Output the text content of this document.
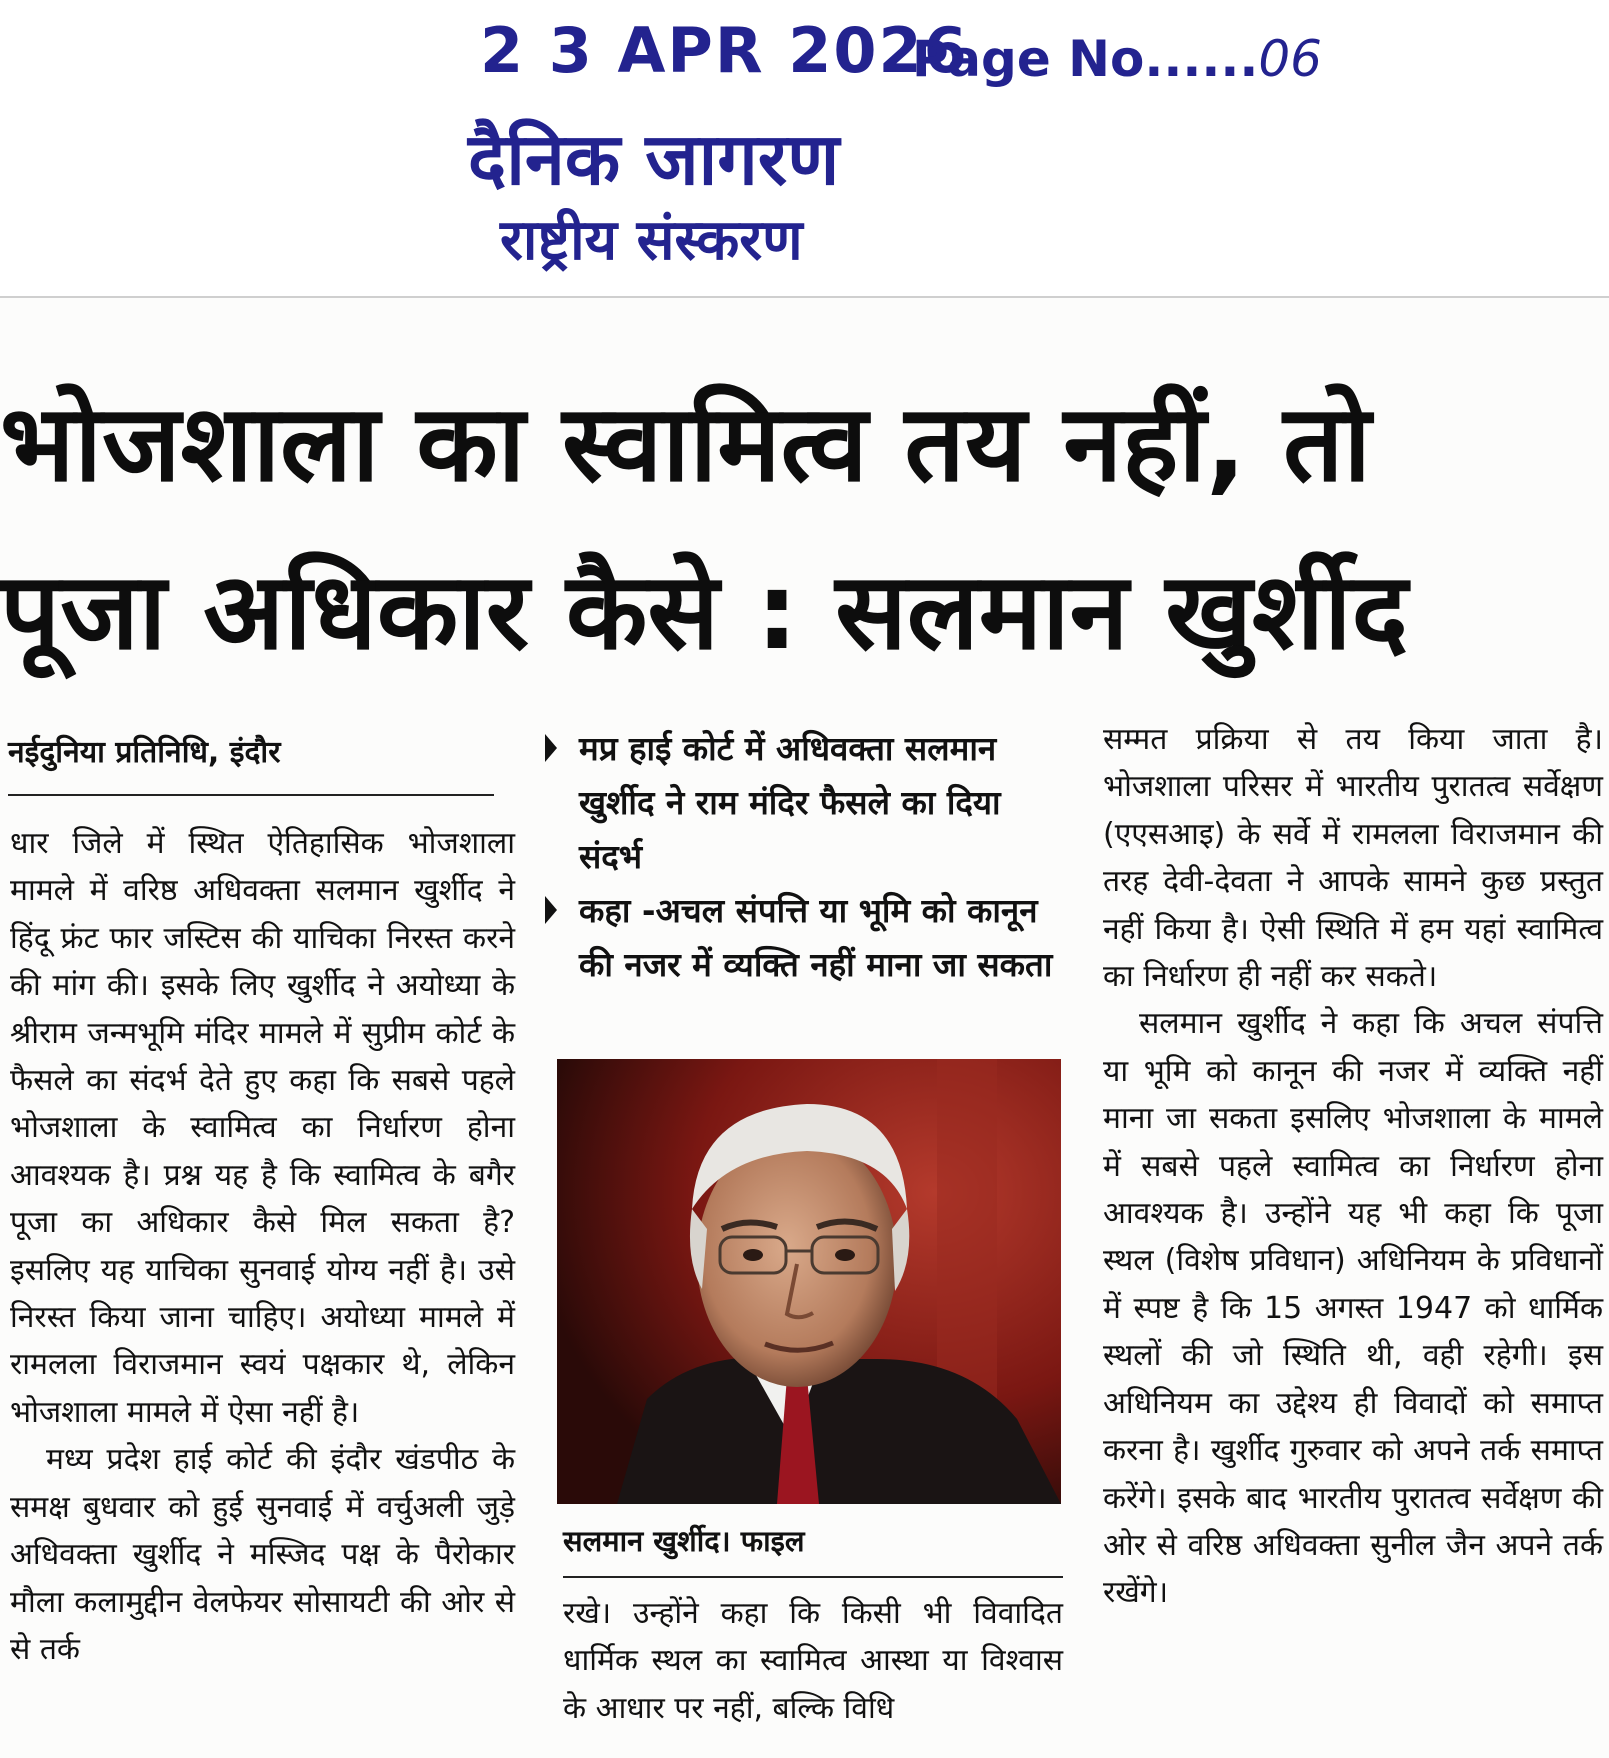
2 3 APR 2026
Page No......06
दैनिक जागरण
राष्ट्रीय संस्करण
भोजशाला का स्वामित्व तय नहीं, तो
पूजा अधिकार कैसे : सलमान खुर्शीद
नईदुनिया प्रतिनिधि, इंदौर

धार जिले में स्थित ऐतिहासिक भोजशाला मामले में वरिष्ठ अधिवक्ता सलमान खुर्शीद ने हिंदू फ्रंट फार जस्टिस की याचिका निरस्त करने की मांग की। इसके लिए खुर्शीद ने अयोध्या के श्रीराम जन्मभूमि मंदिर मामले में सुप्रीम कोर्ट के फैसले का संदर्भ देते हुए कहा कि सबसे पहले भोजशाला के स्वामित्व का निर्धारण होना आवश्यक है। प्रश्न यह है कि स्वामित्व के बगैर पूजा का अधिकार कैसे मिल सकता है? इसलिए यह याचिका सुनवाई योग्य नहीं है। उसे निरस्त किया जाना चाहिए। अयोध्या मामले में रामलला विराजमान स्वयं पक्षकार थे, लेकिन भोजशाला मामले में ऐसा नहीं है।

मध्य प्रदेश हाई कोर्ट की इंदौर खंडपीठ के समक्ष बुधवार को हुई सुनवाई में वर्चुअली जुड़े अधिवक्ता खुर्शीद ने मस्जिद पक्ष के पैरोकार मौला कलामुद्दीन वेलफेयर सोसायटी की ओर से से तर्क

मप्र हाई कोर्ट में अधिवक्ता सलमान खुर्शीद ने राम मंदिर फैसले का दिया संदर्भ
कहा -अचल संपत्ति या भूमि को कानून की नजर में व्यक्ति नहीं माना जा सकता
सलमान खुर्शीद। फाइल

रखे। उन्होंने कहा कि किसी भी विवादित धार्मिक स्थल का स्वामित्व आस्था या विश्वास के आधार पर नहीं, बल्कि विधि

सम्मत प्रक्रिया से तय किया जाता है। भोजशाला परिसर में भारतीय पुरातत्व सर्वेक्षण (एएसआइ) के सर्वे में रामलला विराजमान की तरह देवी-देवता ने आपके सामने कुछ प्रस्तुत नहीं किया है। ऐसी स्थिति में हम यहां स्वामित्व का निर्धारण ही नहीं कर सकते।

सलमान खुर्शीद ने कहा कि अचल संपत्ति या भूमि को कानून की नजर में व्यक्ति नहीं माना जा सकता इसलिए भोजशाला के मामले में सबसे पहले स्वामित्व का निर्धारण होना आवश्यक है। उन्होंने यह भी कहा कि पूजा स्थल (विशेष प्रविधान) अधिनियम के प्रविधानों में स्पष्ट है कि 15 अगस्त 1947 को धार्मिक स्थलों की जो स्थिति थी, वही रहेगी। इस अधिनियम का उद्देश्य ही विवादों को समाप्त करना है। खुर्शीद गुरुवार को अपने तर्क समाप्त करेंगे। इसके बाद भारतीय पुरातत्व सर्वेक्षण की ओर से वरिष्ठ अधिवक्ता सुनील जैन अपने तर्क रखेंगे।
